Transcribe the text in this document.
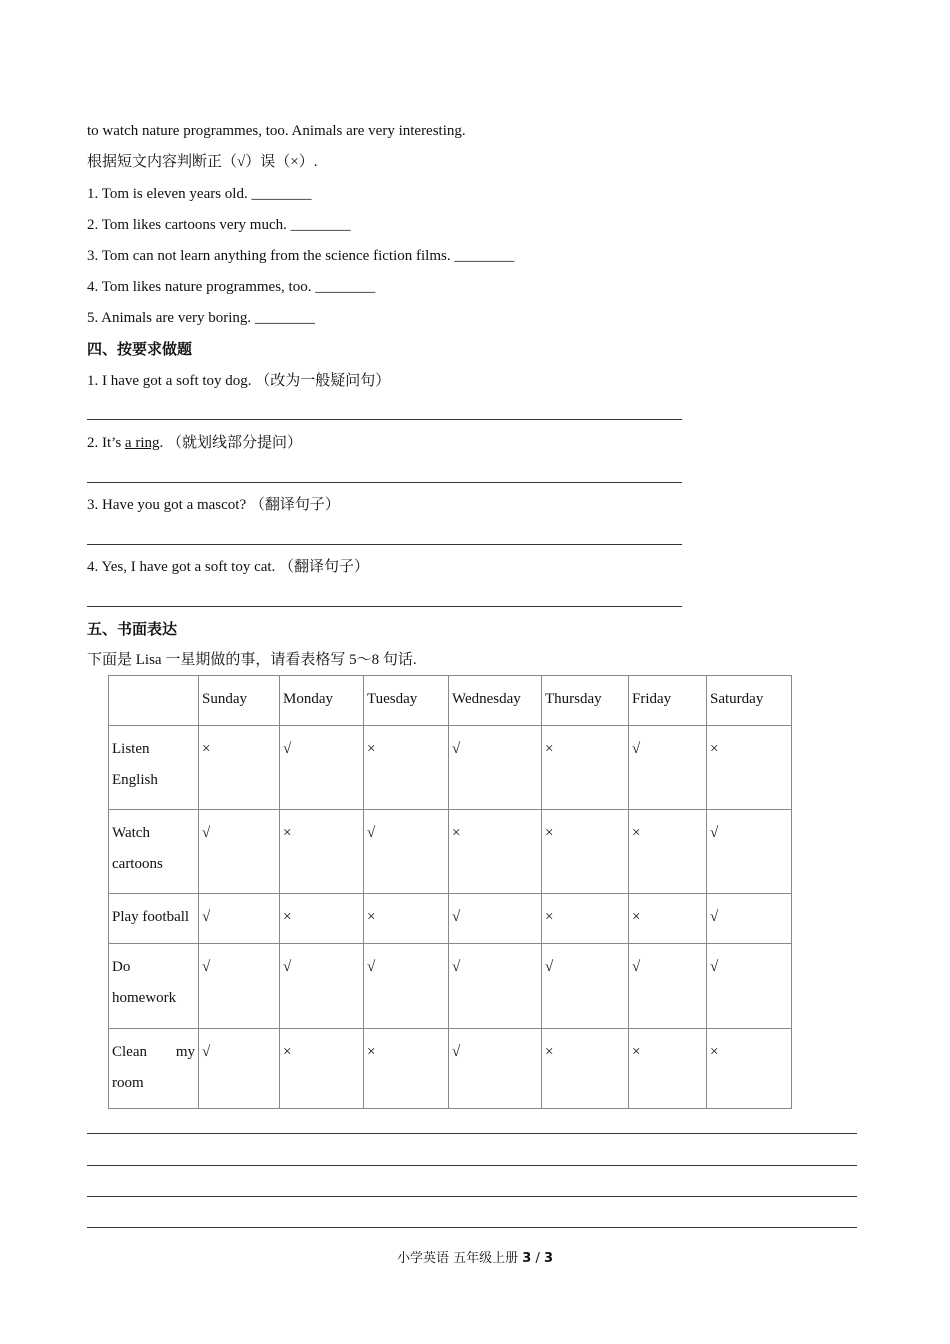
to watch nature programmes, too. Animals are very interesting.
根据短文内容判断正（√）误（×）.
1. Tom is eleven years old. ________
2. Tom likes cartoons very much. ________
3. Tom can not learn anything from the science fiction films. ________
4. Tom likes nature programmes, too. ________
5. Animals are very boring. ________
四、按要求做题
1. I have got a soft toy dog. （改为一般疑问句）
2. It’s a ring. （就划线部分提问）
3. Have you got a mascot? （翻译句子）
4. Yes, I have got a soft toy cat. （翻译句子）
五、书面表达
下面是 Lisa 一星期做的事，请看表格写 5～8 句话.
	Sunday	Monday	Tuesday	Wednesday	Thursday	Friday	Saturday
Listen English	×	√	×	√	×	√	×
Watch cartoons	√	×	√	×	×	×	√
Play football	√	×	×	√	×	×	√
Do homework	√	√	√	√	√	√	√
Clean my room	√	×	×	√	×	×	×
小学英语 五年级上册 3 / 3
